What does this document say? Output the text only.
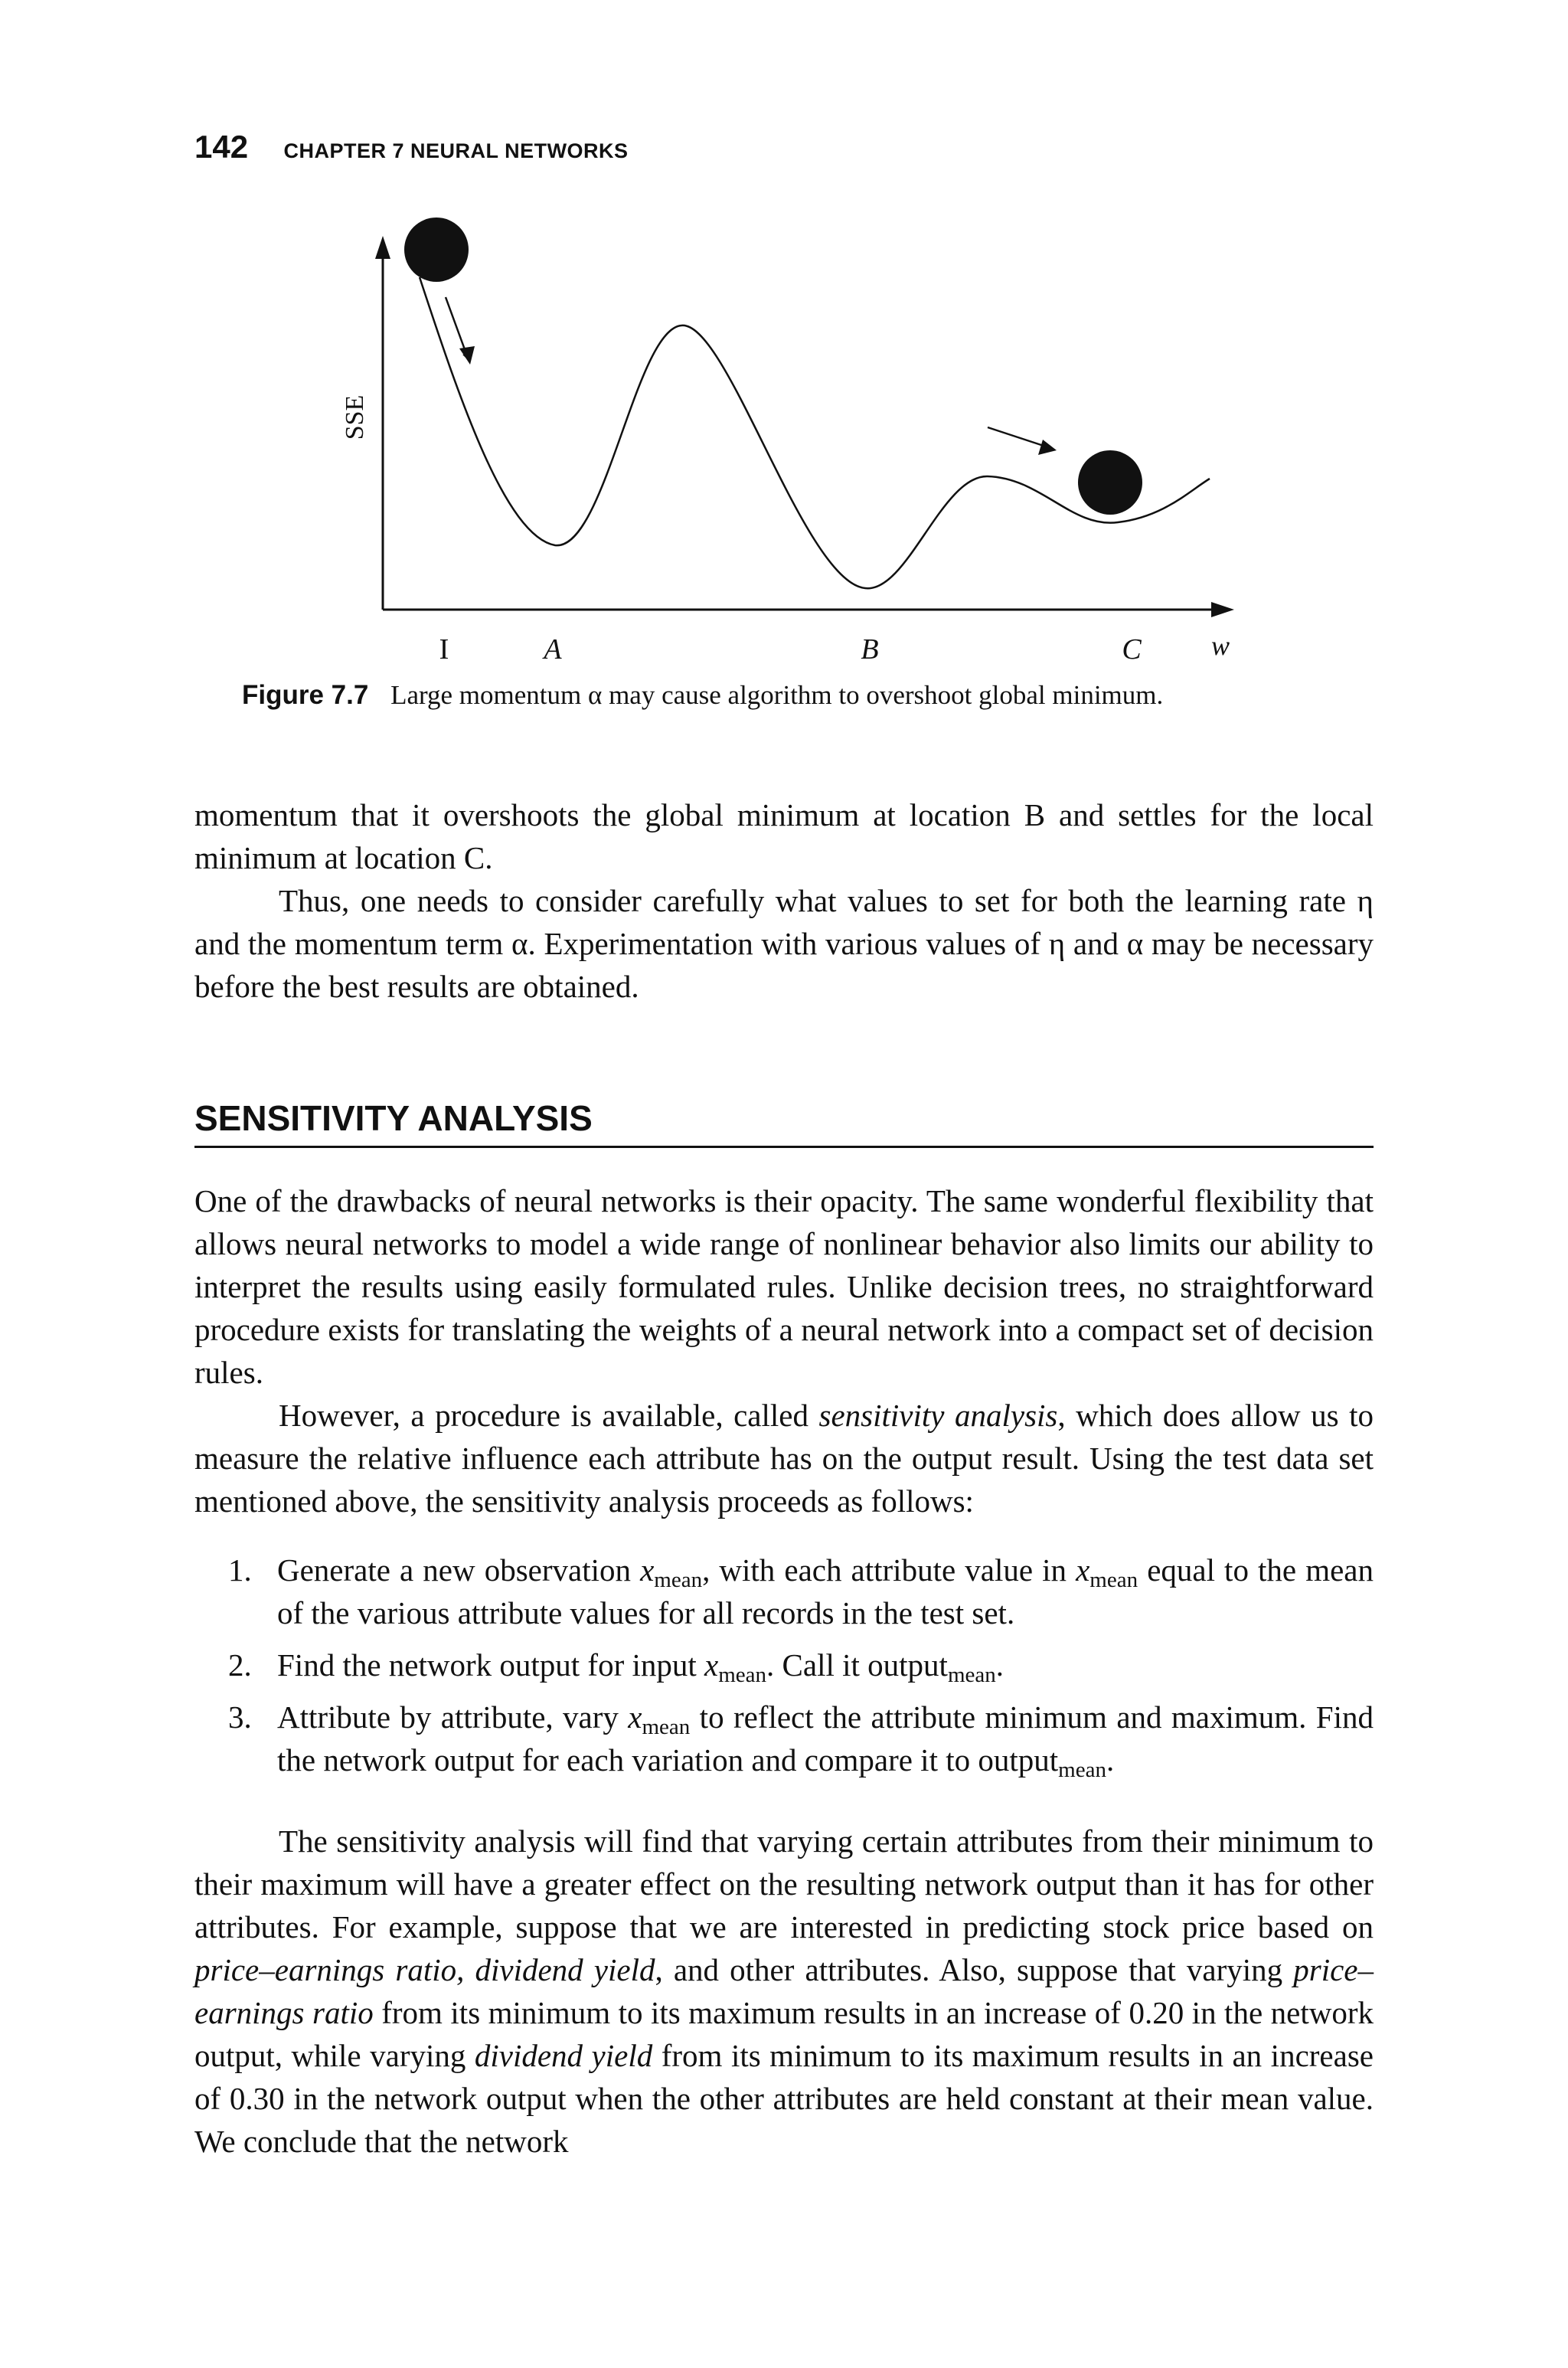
142 CHAPTER 7 NEURAL NETWORKS
SSE
I	A	B	C	w
Figure 7.7 Large momentum α may cause algorithm to overshoot global minimum.

momentum that it overshoots the global minimum at location B and settles for the local minimum at location C.

Thus, one needs to consider carefully what values to set for both the learning rate η and the momentum term α. Experimentation with various values of η and α may be necessary before the best results are obtained.

SENSITIVITY ANALYSIS

One of the drawbacks of neural networks is their opacity. The same wonderful flexibility that allows neural networks to model a wide range of nonlinear behavior also limits our ability to interpret the results using easily formulated rules. Unlike decision trees, no straightforward procedure exists for translating the weights of a neural network into a compact set of decision rules.

However, a procedure is available, called sensitivity analysis, which does allow us to measure the relative influence each attribute has on the output result. Using the test data set mentioned above, the sensitivity analysis proceeds as follows:

1. Generate a new observation $x_{mean}$, with each attribute value in $x_{mean}$ equal to the mean of the various attribute values for all records in the test set.
2. Find the network output for input $x_{mean}$. Call it output$_{mean}$.
3. Attribute by attribute, vary $x_{mean}$ to reflect the attribute minimum and maximum. Find the network output for each variation and compare it to output$_{mean}$.

The sensitivity analysis will find that varying certain attributes from their minimum to their maximum will have a greater effect on the resulting network output than it has for other attributes. For example, suppose that we are interested in predicting stock price based on price–earnings ratio, dividend yield, and other attributes. Also, suppose that varying price–earnings ratio from its minimum to its maximum results in an increase of 0.20 in the network output, while varying dividend yield from its minimum to its maximum results in an increase of 0.30 in the network output when the other attributes are held constant at their mean value. We conclude that the network
